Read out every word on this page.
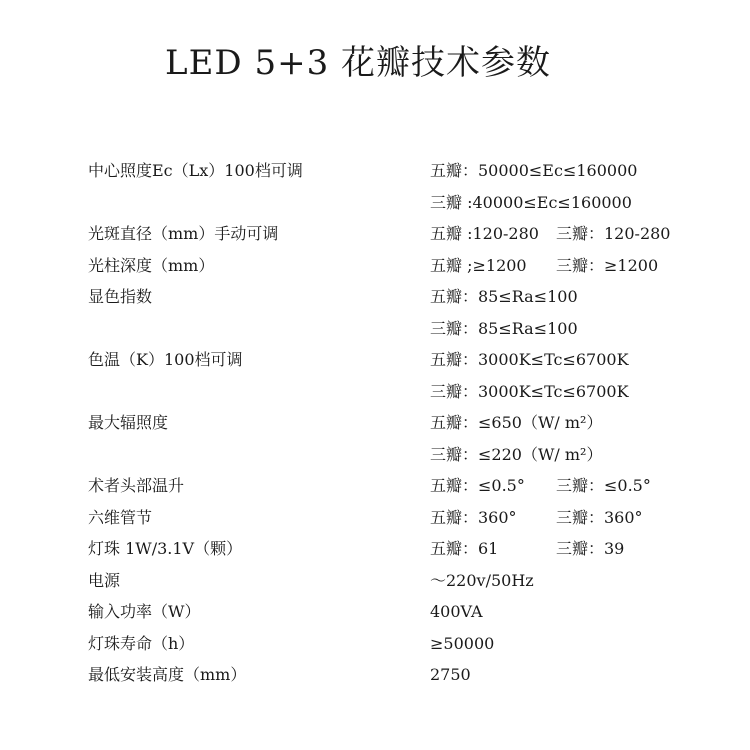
LED 5+3 花瓣技术参数
中心照度Ec（Lx）100档可调	五瓣：50000≤Ec≤160000
三瓣 :40000≤Ec≤160000
光斑直径（mm）手动可调	五瓣 :120-280 三瓣：120-280
光柱深度（mm）	五瓣 ;≥1200 三瓣：≥1200
显色指数	五瓣：85≤Ra≤100
三瓣：85≤Ra≤100
色温（K）100档可调	五瓣：3000K≤Tc≤6700K
三瓣：3000K≤Tc≤6700K
最大辐照度	五瓣：≤650（W/ m²）
三瓣：≤220（W/ m²）
术者头部温升	五瓣：≤0.5° 三瓣：≤0.5°
六维管节	五瓣：360° 三瓣：360°
灯珠 1W/3.1V（颗）	五瓣：61	三瓣：39
电源	～220v/50Hz
输入功率（W）	400VA
灯珠寿命（h）	≥50000
最低安装高度（mm）	2750
